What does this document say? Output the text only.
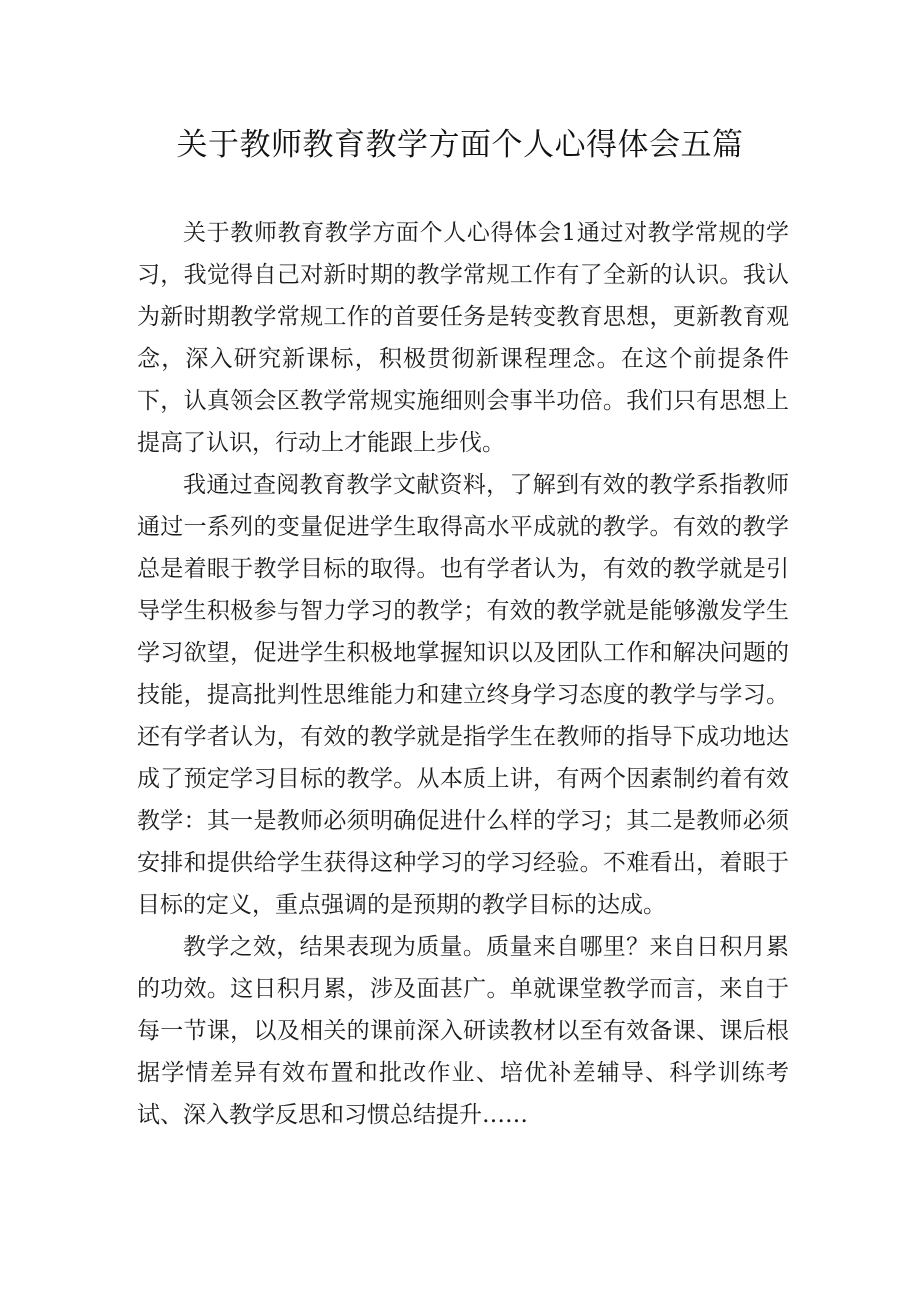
关于教师教育教学方面个人心得体会五篇

关于教师教育教学方面个人心得体会1通过对教学常规的学习，我觉得自己对新时期的教学常规工作有了全新的认识。我认为新时期教学常规工作的首要任务是转变教育思想，更新教育观念，深入研究新课标，积极贯彻新课程理念。在这个前提条件下，认真领会区教学常规实施细则会事半功倍。我们只有思想上提高了认识，行动上才能跟上步伐。

我通过查阅教育教学文献资料，了解到有效的教学系指教师通过一系列的变量促进学生取得高水平成就的教学。有效的教学总是着眼于教学目标的取得。也有学者认为，有效的教学就是引导学生积极参与智力学习的教学；有效的教学就是能够激发学生学习欲望，促进学生积极地掌握知识以及团队工作和解决问题的技能，提高批判性思维能力和建立终身学习态度的教学与学习。还有学者认为，有效的教学就是指学生在教师的指导下成功地达成了预定学习目标的教学。从本质上讲，有两个因素制约着有效教学：其一是教师必须明确促进什么样的学习；其二是教师必须安排和提供给学生获得这种学习的学习经验。不难看出，着眼于目标的定义，重点强调的是预期的教学目标的达成。

教学之效，结果表现为质量。质量来自哪里？来自日积月累的功效。这日积月累，涉及面甚广。单就课堂教学而言，来自于每一节课，以及相关的课前深入研读教材以至有效备课、课后根据学情差异有效布置和批改作业、培优补差辅导、科学训练考试、深入教学反思和习惯总结提升……
